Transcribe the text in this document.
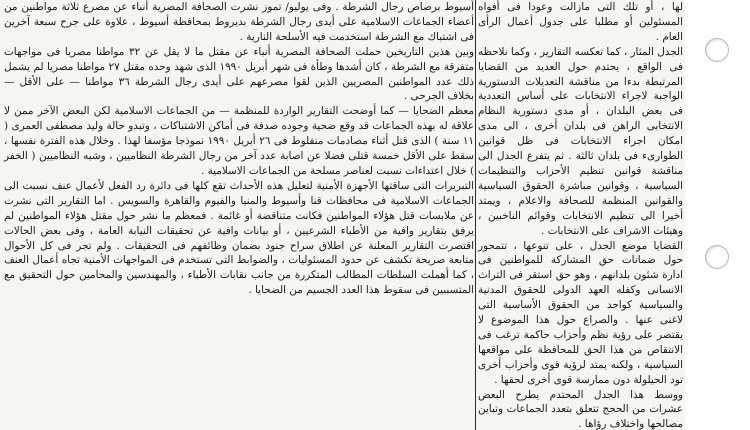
أسيوط برصاص رجال الشرطة . وفى يوليو/ تموز نشرت الصحافة المصرية أنباء عن مصرع ثلاثة مواطنين من أعضاء الجماعات الاسلامية على أيدى رجال الشرطة بديروط بمحافظة أسيوط ، علاوة على جرح سبعة آخرين فى اشتباك مع الشرطة استخدمت فيه الأسلحة النارية .

وبين هذين التاريخين حملت الصحافة المصرية أنباء عن مقتل ما لا يقل عن ٣٢ مواطنا مصريا فى مواجهات متفرقة مع الشرطة ، كان أشدها وطأة فى شهر أبريل ١٩٩٠ الذى شهد وحده مقتل ٢٧ مواطنا مصريا لم يشمل ذلك عدد المواطنين المصريين الذين لقوا مصرعهم على أيدى رجال الشرطة ٣٦ مواطنا — على الأقل — بخلاف الجرحى .

معظم الضحايا — كما أوضحت التقارير الواردة للمنظمة — من الجماعات الاسلامية لكن البعض الآخر ممن لا علاقة له بهذه الجماعات قد وقع ضحية وجوده صدفة فى أماكن الاشتباكات ، وتبدو حالة وليد مصطفى العمرى ( ١١ سنة ) الذى قتل أثناء مصادمات منفلوط فى ٢٦ أبريل ١٩٩٠ نموذجا مؤسفا لهذا . وخلال هذه الفترة نفسها ، سقط على الأقل خمسة قتلى فضلا عن اصابة عدد آخر من رجال الشرطة النظاميين ، وشبه النظاميين ( الخفر ) خلال اعتداءات نسبت لعناصر مسلحة من الجماعات الاسلامية .

التبريرات التى ساقتها الأجهزة الأمنية لتعليل هذه الأحداث تقع كلها فى دائرة رد الفعل لأعمال عنف نسبت الى الجماعات الاسلامية فى محافظات قنا وأسيوط والمنيا والفيوم والقاهرة والسويس . اما التقارير التى نشرت عن ملابسات قتل هؤلاء المواطنين فكانت متناقضة أو غائمة . فمعظم ما نشر حول مقتل هؤلاء المواطنين لم يرفق بتقارير وافية من الأطباء الشرعيين ، أو بيانات وافية عن تحقيقات النيابة العامة ، وفى بعض الحالات اقتصرت التقارير المعلنة عن اطلاق سراح جنود بضمان وظائفهم فى التحقيقات . ولم تجر فى كل الأحوال متابعة صريحة تكشف عن حدود المسئوليات ، والضوابط التى تستخدم فى المواجهات الأمنية تجاه أعمال العنف ، كما أهملت السلطات المطالب المتكررة من جانب نقابات الأطباء ، والمهندسين والمحامين حول التحقيق مع المتسببين فى سقوط هذا العدد الجسيم من الضحايا .

لها ، أو تلك التى مازالت وعودا فى أفواه المسئولين أو مطلبا على جدول أعمال الرأى العام .

الجدل المثار ، كما تعكسه التقارير ، وكما نلاحظه فى الواقع ، يحتدم حول العديد من القضايا المرتبطة بدءا من مناقشة التعديلات الدستورية الواجبة لاجراء الانتخابات على أساس التعددية فى بعض البلدان ، أو مدى دستورية النظام الانتخابى الراهن فى بلدان أخرى ، الى مدى امكان اجراء الانتخابات فى ظل قوانين الطوارىء فى بلدان ثالثة . ثم يتفرع الجدل الى مناقشة قوانين تنظيم الأحزاب والتنظيمات السياسية ، وقوانين مباشرة الحقوق السياسية والقوانين المنظمة للصحافة والاعلام ، ويمتد أخيرا الى تنظيم الانتخابات وقوائم الناخبين ، وهيئات الاشراف على الانتخابات .

القضايا موضع الجدل ، على تنوعها ، تتمحور حول ضمانات حق المشاركة للمواطنين فى ادارة شئون بلدانهم ، وهو حق استقر فى التراث الانسانى وكفله العهد الدولى للحقوق المدنية والسياسية كواحد من الحقوق الأساسية التى لاغنى عنها . والصراع حول هذا الموضوع لا يقتصر على رؤية نظم وأحزاب حاكمة ترغب فى الانتقاص من هذا الحق للمحافظة على مواقعها السياسية ، ولكنه يمتد لرؤية قوى وأحزاب أخرى تود الحيلولة دون ممارسة قوى أخرى لحقها .

ووسط هذا الجدل المحتدم يطرح البعض عشرات من الحجج تتعلق بتعدد الجماعات وتباين مصالحها واختلاف رؤاها .
